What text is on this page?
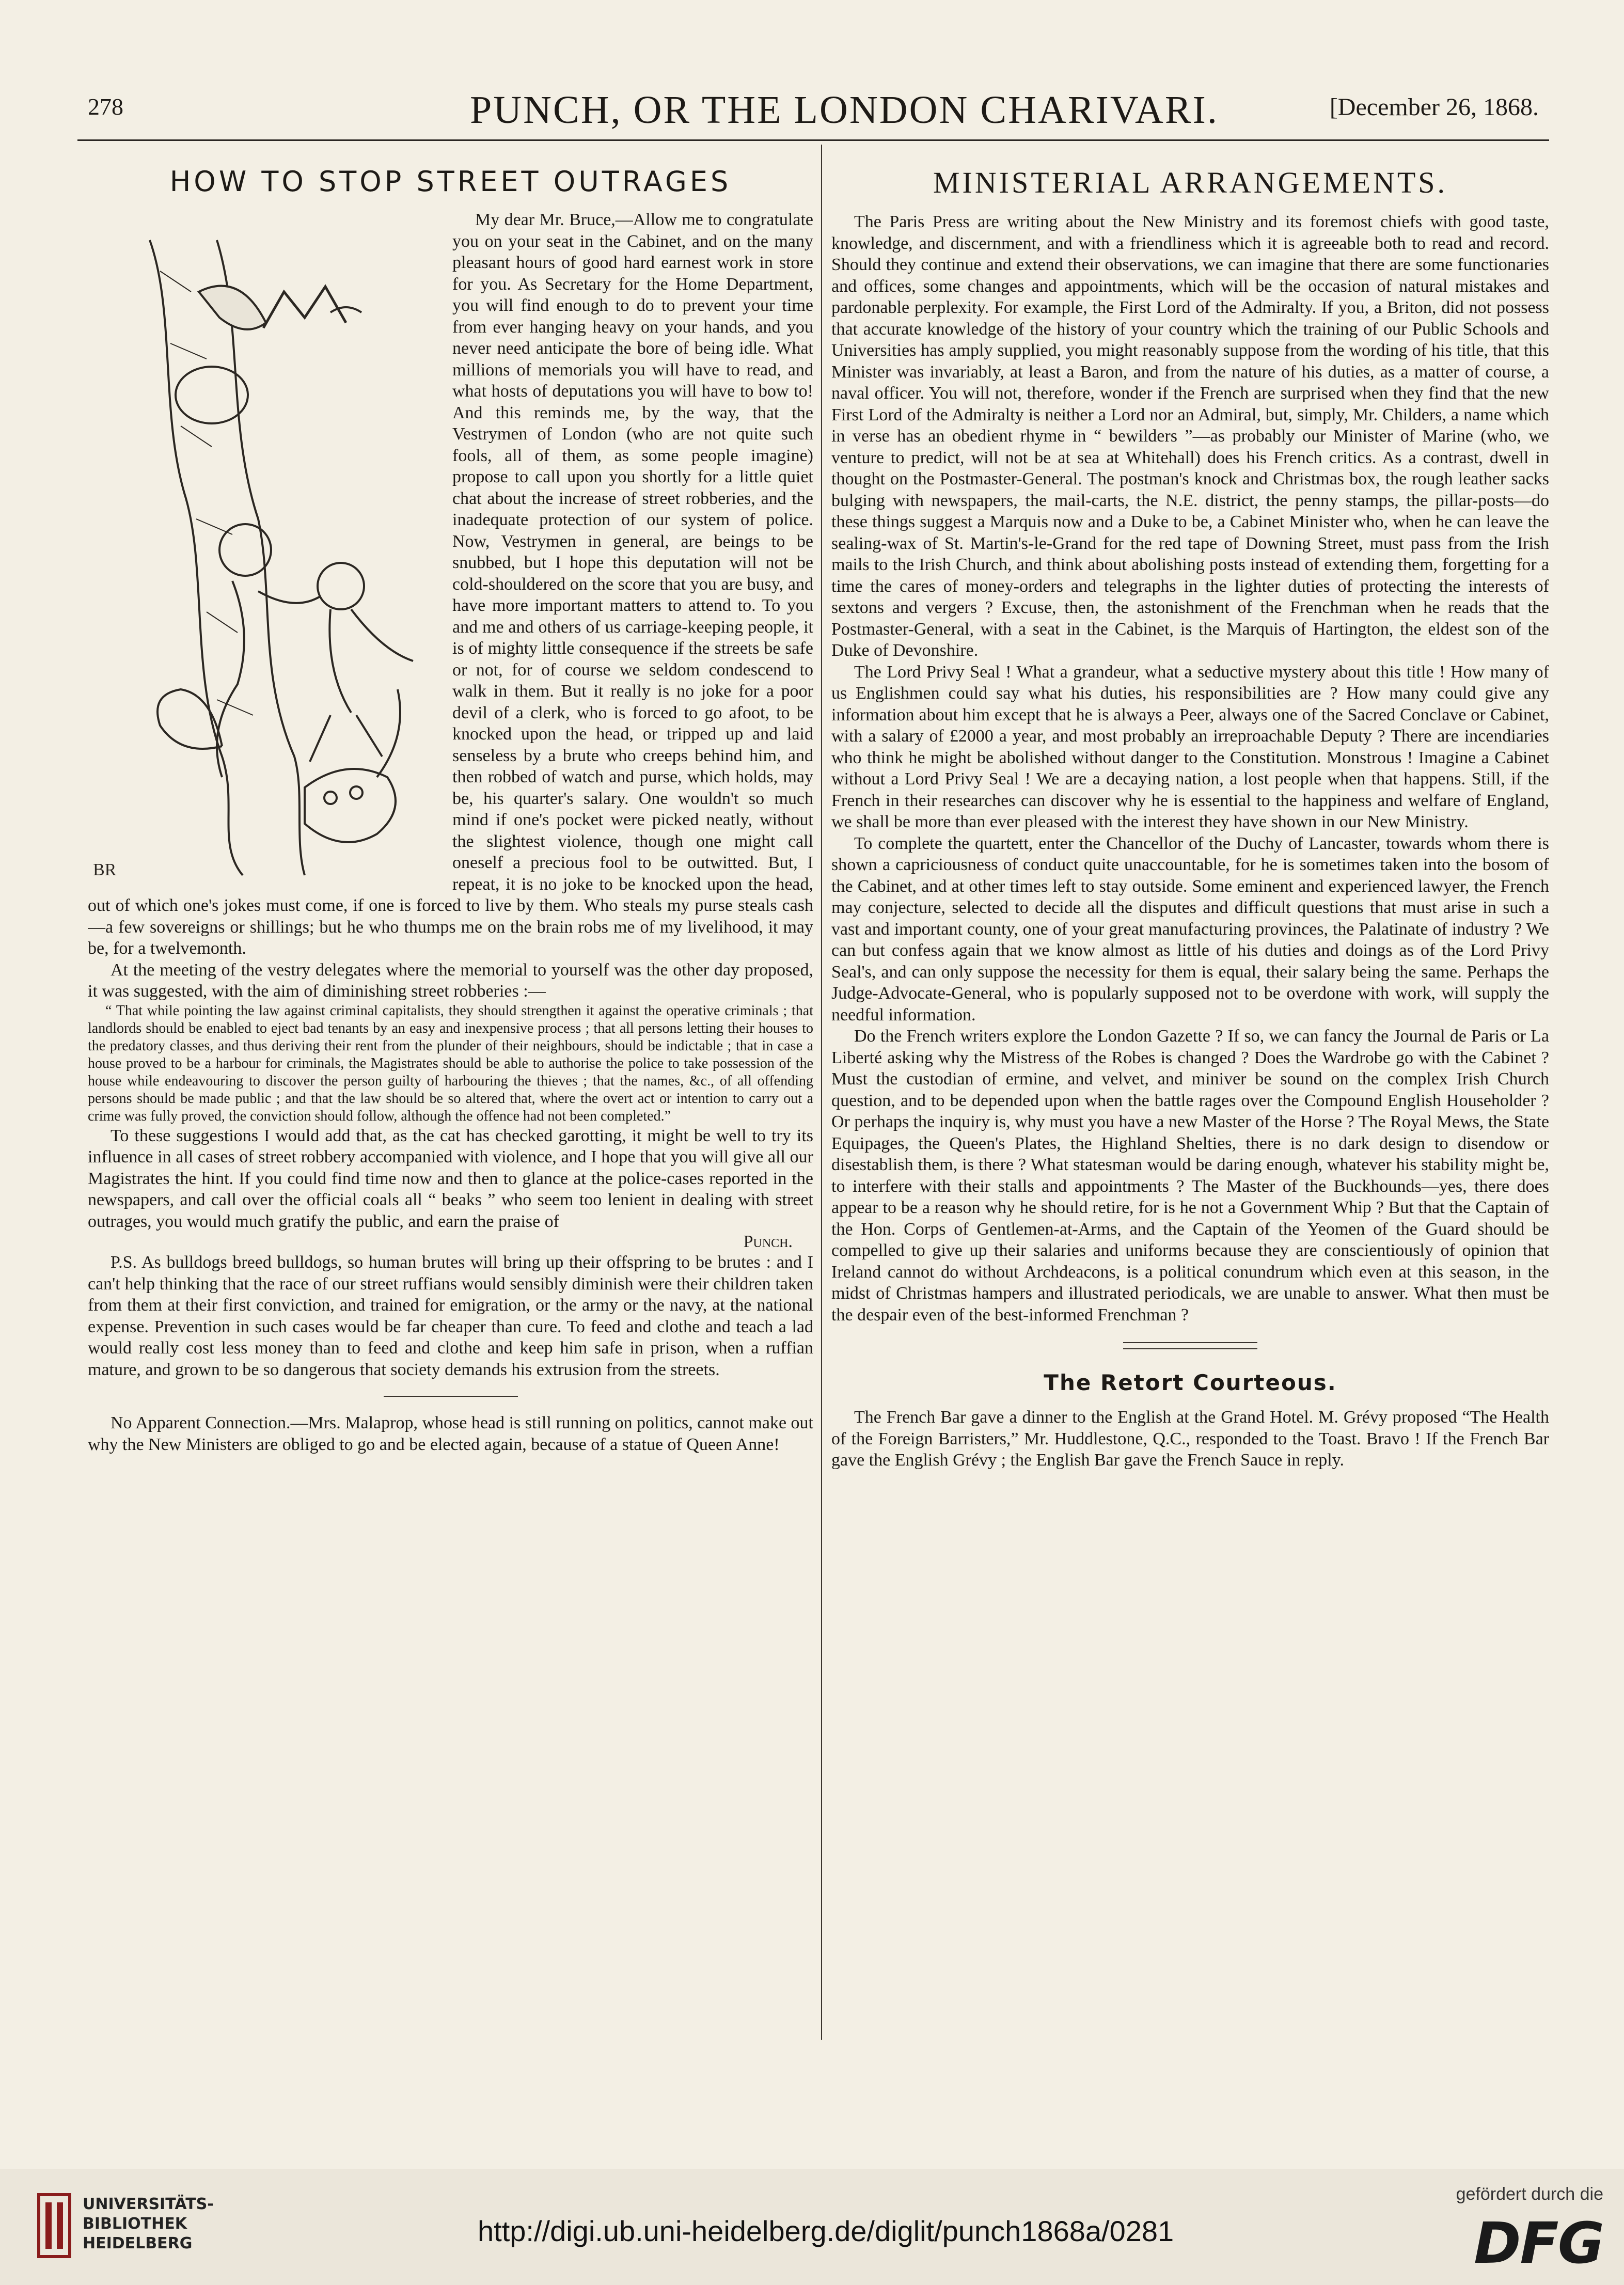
278	PUNCH, OR THE LONDON CHARIVARI.	[December 26, 1868.
HOW TO STOP STREET OUTRAGES
BR

My dear Mr. Bruce,—Allow me to congratulate you on your seat in the Cabinet, and on the many pleasant hours of good hard earnest work in store for you. As Secretary for the Home Department, you will find enough to do to prevent your time from ever hanging heavy on your hands, and you never need anticipate the bore of being idle. What millions of memorials you will have to read, and what hosts of deputations you will have to bow to! And this reminds me, by the way, that the Vestrymen of London (who are not quite such fools, all of them, as some people imagine) propose to call upon you shortly for a little quiet chat about the increase of street robberies, and the inadequate protection of our system of police. Now, Vestrymen in general, are beings to be snubbed, but I hope this deputation will not be cold-shouldered on the score that you are busy, and have more important matters to attend to. To you and me and others of us carriage-keeping people, it is of mighty little consequence if the streets be safe or not, for of course we seldom condescend to walk in them. But it really is no joke for a poor devil of a clerk, who is forced to go afoot, to be knocked upon the head, or tripped up and laid senseless by a brute who creeps behind him, and then robbed of watch and purse, which holds, may be, his quarter's salary. One wouldn't so much mind if one's pocket were picked neatly, without the slightest violence, though one might call oneself a precious fool to be outwitted. But, I repeat, it is no joke to be knocked upon the head, out of which one's jokes must come, if one is forced to live by them. Who steals my purse steals cash—a few sovereigns or shillings; but he who thumps me on the brain robs me of my livelihood, it may be, for a twelvemonth.

At the meeting of the vestry delegates where the memorial to yourself was the other day proposed, it was suggested, with the aim of diminishing street robberies :—

“ That while pointing the law against criminal capitalists, they should strengthen it against the operative criminals ; that landlords should be enabled to eject bad tenants by an easy and inexpensive process ; that all persons letting their houses to the predatory classes, and thus deriving their rent from the plunder of their neighbours, should be indictable ; that in case a house proved to be a harbour for criminals, the Magistrates should be able to authorise the police to take possession of the house while endeavouring to discover the person guilty of harbouring the thieves ; that the names, &c., of all offending persons should be made public ; and that the law should be so altered that, where the overt act or intention to carry out a crime was fully proved, the conviction should follow, although the offence had not been completed.”

To these suggestions I would add that, as the cat has checked garotting, it might be well to try its influence in all cases of street robbery accompanied with violence, and I hope that you will give all our Magistrates the hint. If you could find time now and then to glance at the police-cases reported in the newspapers, and call over the official coals all “ beaks ” who seem too lenient in dealing with street outrages, you would much gratify the public, and earn the praise of

Punch.

P.S. As bulldogs breed bulldogs, so human brutes will bring up their offspring to be brutes : and I can't help thinking that the race of our street ruffians would sensibly diminish were their children taken from them at their first conviction, and trained for emigration, or the army or the navy, at the national expense. Prevention in such cases would be far cheaper than cure. To feed and clothe and teach a lad would really cost less money than to feed and clothe and keep him safe in prison, when a ruffian mature, and grown to be so dangerous that society demands his extrusion from the streets.

No Apparent Connection.—Mrs. Malaprop, whose head is still running on politics, cannot make out why the New Ministers are obliged to go and be elected again, because of a statue of Queen Anne!

MINISTERIAL ARRANGEMENTS.

The Paris Press are writing about the New Ministry and its foremost chiefs with good taste, knowledge, and discernment, and with a friendliness which it is agreeable both to read and record. Should they continue and extend their observations, we can imagine that there are some functionaries and offices, some changes and appointments, which will be the occasion of natural mistakes and pardonable perplexity. For example, the First Lord of the Admiralty. If you, a Briton, did not possess that accurate knowledge of the history of your country which the training of our Public Schools and Universities has amply supplied, you might reasonably suppose from the wording of his title, that this Minister was invariably, at least a Baron, and from the nature of his duties, as a matter of course, a naval officer. You will not, therefore, wonder if the French are surprised when they find that the new First Lord of the Admiralty is neither a Lord nor an Admiral, but, simply, Mr. Childers, a name which in verse has an obedient rhyme in “ bewilders ”—as probably our Minister of Marine (who, we venture to predict, will not be at sea at Whitehall) does his French critics. As a contrast, dwell in thought on the Postmaster-General. The postman's knock and Christmas box, the rough leather sacks bulging with newspapers, the mail-carts, the N.E. district, the penny stamps, the pillar-posts—do these things suggest a Marquis now and a Duke to be, a Cabinet Minister who, when he can leave the sealing-wax of St. Martin's-le-Grand for the red tape of Downing Street, must pass from the Irish mails to the Irish Church, and think about abolishing posts instead of extending them, forgetting for a time the cares of money-orders and telegraphs in the lighter duties of protecting the interests of sextons and vergers ? Excuse, then, the astonishment of the Frenchman when he reads that the Postmaster-General, with a seat in the Cabinet, is the Marquis of Hartington, the eldest son of the Duke of Devonshire.

The Lord Privy Seal ! What a grandeur, what a seductive mystery about this title ! How many of us Englishmen could say what his duties, his responsibilities are ? How many could give any information about him except that he is always a Peer, always one of the Sacred Conclave or Cabinet, with a salary of £2000 a year, and most probably an irreproachable Deputy ? There are incendiaries who think he might be abolished without danger to the Constitution. Monstrous ! Imagine a Cabinet without a Lord Privy Seal ! We are a decaying nation, a lost people when that happens. Still, if the French in their researches can discover why he is essential to the happiness and welfare of England, we shall be more than ever pleased with the interest they have shown in our New Ministry.

To complete the quartett, enter the Chancellor of the Duchy of Lancaster, towards whom there is shown a capriciousness of conduct quite unaccountable, for he is sometimes taken into the bosom of the Cabinet, and at other times left to stay outside. Some eminent and experienced lawyer, the French may conjecture, selected to decide all the disputes and difficult questions that must arise in such a vast and important county, one of your great manufacturing provinces, the Palatinate of industry ? We can but confess again that we know almost as little of his duties and doings as of the Lord Privy Seal's, and can only suppose the necessity for them is equal, their salary being the same. Perhaps the Judge-Advocate-General, who is popularly supposed not to be overdone with work, will supply the needful information.

Do the French writers explore the London Gazette ? If so, we can fancy the Journal de Paris or La Liberté asking why the Mistress of the Robes is changed ? Does the Wardrobe go with the Cabinet ? Must the custodian of ermine, and velvet, and miniver be sound on the complex Irish Church question, and to be depended upon when the battle rages over the Compound English Householder ? Or perhaps the inquiry is, why must you have a new Master of the Horse ? The Royal Mews, the State Equipages, the Queen's Plates, the Highland Shelties, there is no dark design to disendow or disestablish them, is there ? What statesman would be daring enough, whatever his stability might be, to interfere with their stalls and appointments ? The Master of the Buckhounds—yes, there does appear to be a reason why he should retire, for is he not a Government Whip ? But that the Captain of the Hon. Corps of Gentlemen-at-Arms, and the Captain of the Yeomen of the Guard should be compelled to give up their salaries and uniforms because they are conscientiously of opinion that Ireland cannot do without Archdeacons, is a political conundrum which even at this season, in the midst of Christmas hampers and illustrated periodicals, we are unable to answer. What then must be the despair even of the best-informed Frenchman ?

The Retort Courteous.

The French Bar gave a dinner to the English at the Grand Hotel. M. Grévy proposed “The Health of the Foreign Barristers,” Mr. Huddlestone, Q.C., responded to the Toast. Bravo ! If the French Bar gave the English Grévy ; the English Bar gave the French Sauce in reply.

UNIVERSITÄTS-
BIBLIOTHEK
HEIDELBERG	http://digi.ub.uni-heidelberg.de/diglit/punch1868a/0281
gefördert durch die
DFG
